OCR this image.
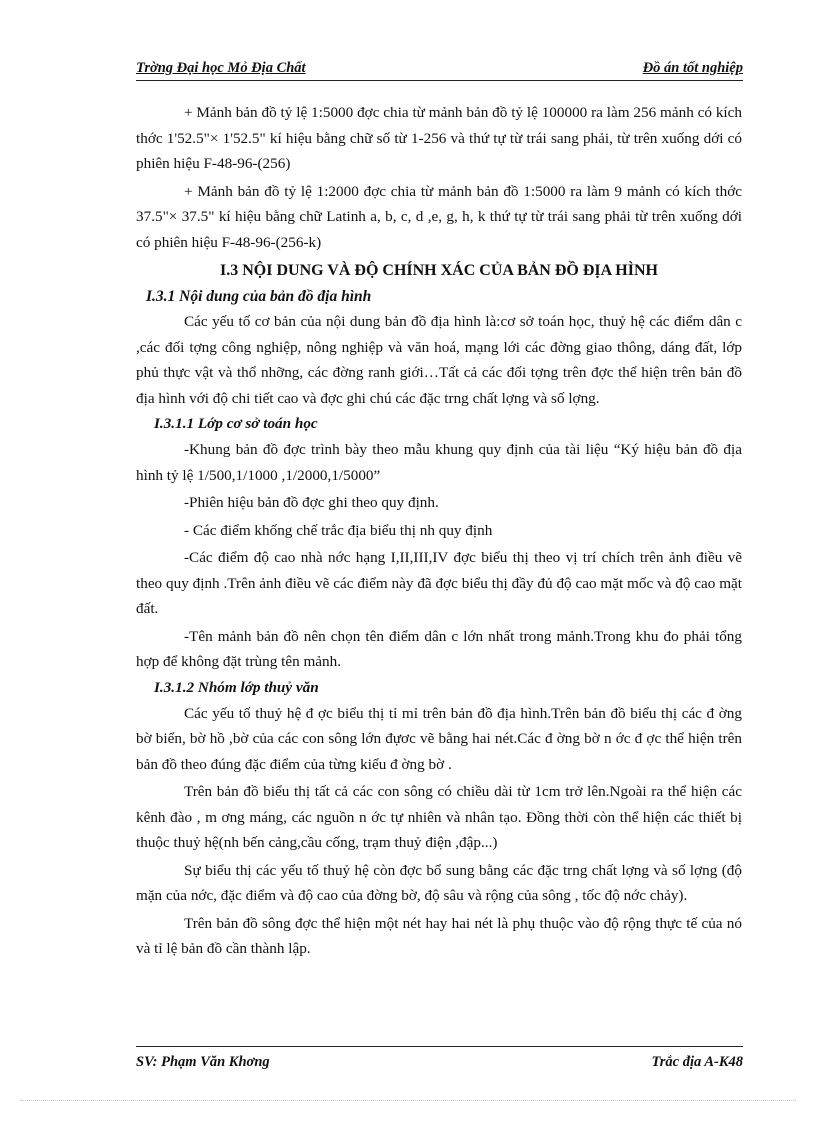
Trờng Đại học Mỏ Địa Chất	Đồ án tốt nghiệp

+ Mảnh bản đồ tỷ lệ 1:5000 đợc chia từ mảnh bản đồ tỷ lệ 100000 ra làm 256 mảnh có kích thớc 1'52.5"× 1'52.5" kí hiệu bằng chữ số từ 1-256 và thứ tự từ trái sang phải, từ trên xuống dới có phiên hiệu F-48-96-(256)

+ Mảnh bản đồ tỷ lệ 1:2000 đợc chia từ mảnh bản đồ 1:5000 ra làm 9 mảnh có kích thớc 37.5"× 37.5" kí hiệu bằng chữ Latinh a, b, c, d ,e, g, h, k thứ tự từ trái sang phải từ trên xuống dới có phiên hiệu F-48-96-(256-k)

I.3 NỘI DUNG VÀ ĐỘ CHÍNH XÁC CỦA BẢN ĐỒ ĐỊA HÌNH
I.3.1 Nội dung của bản đồ địa hình

Các yếu tố cơ bản của nội dung bản đồ địa hình là:cơ sở toán học, thuỷ hệ các điểm dân c ,các đối tợng công nghiệp, nông nghiệp và văn hoá, mạng lới các đờng giao thông, dáng đất, lớp phủ thực vật và thổ nhỡng, các đờng ranh giới…Tất cả các đối tợng trên đợc thể hiện trên bản đồ địa hình với độ chi tiết cao và đợc ghi chú các đặc trng chất lợng và số lợng.

I.3.1.1 Lớp cơ sở toán học

-Khung bản đồ đợc trình bày theo mẫu khung quy định của tài liệu “Ký hiệu bản đồ địa hình tỷ lệ 1/500,1/1000 ,1/2000,1/5000”

-Phiên hiệu bản đồ đợc ghi theo quy định.

- Các điểm khống chế trắc địa biểu thị nh quy định

-Các điểm độ cao nhà nớc hạng I,II,III,IV đợc biểu thị theo vị trí chích trên ảnh điều vẽ theo quy định .Trên ảnh điều vẽ các điểm này đã đợc biểu thị đầy đủ độ cao mặt mốc và độ cao mặt đất.

-Tên mảnh bản đồ nên chọn tên điểm dân c lớn nhất trong mảnh.Trong khu đo phải tổng hợp để không đặt trùng tên mảnh.

I.3.1.2 Nhóm lớp thuỷ văn

Các yếu tố thuỷ hệ đ ợc biểu thị tỉ mỉ trên bản đồ địa hình.Trên bản đồ biểu thị các đ ờng bờ biển, bờ hồ ,bờ của các con sông lớn đựơc vẽ bằng hai nét.Các đ ờng bờ n ớc đ ợc thể hiện trên bản đồ theo đúng đặc điểm của từng kiểu đ ờng bờ .

Trên bản đồ biểu thị tất cả các con sông có chiều dài từ 1cm trở lên.Ngoài ra thể hiện các kênh đào , m ơng máng, các nguồn n ớc tự nhiên và nhân tạo. Đồng thời còn thể hiện các thiết bị thuộc thuỷ hệ(nh bến cảng,cầu cống, trạm thuỷ điện ,đập...)

Sự biểu thị các yếu tố thuỷ hệ còn đợc bổ sung bằng các đặc trng chất lợng và số lợng (độ mặn của nớc, đặc điểm và độ cao của đờng bờ, độ sâu và rộng của sông , tốc độ nớc chảy).

Trên bản đồ sông đợc thể hiện một nét hay hai nét là phụ thuộc vào độ rộng thực tế của nó và tỉ lệ bản đồ cần thành lập.

SV: Phạm Văn Khơng	Trắc địa A-K48
